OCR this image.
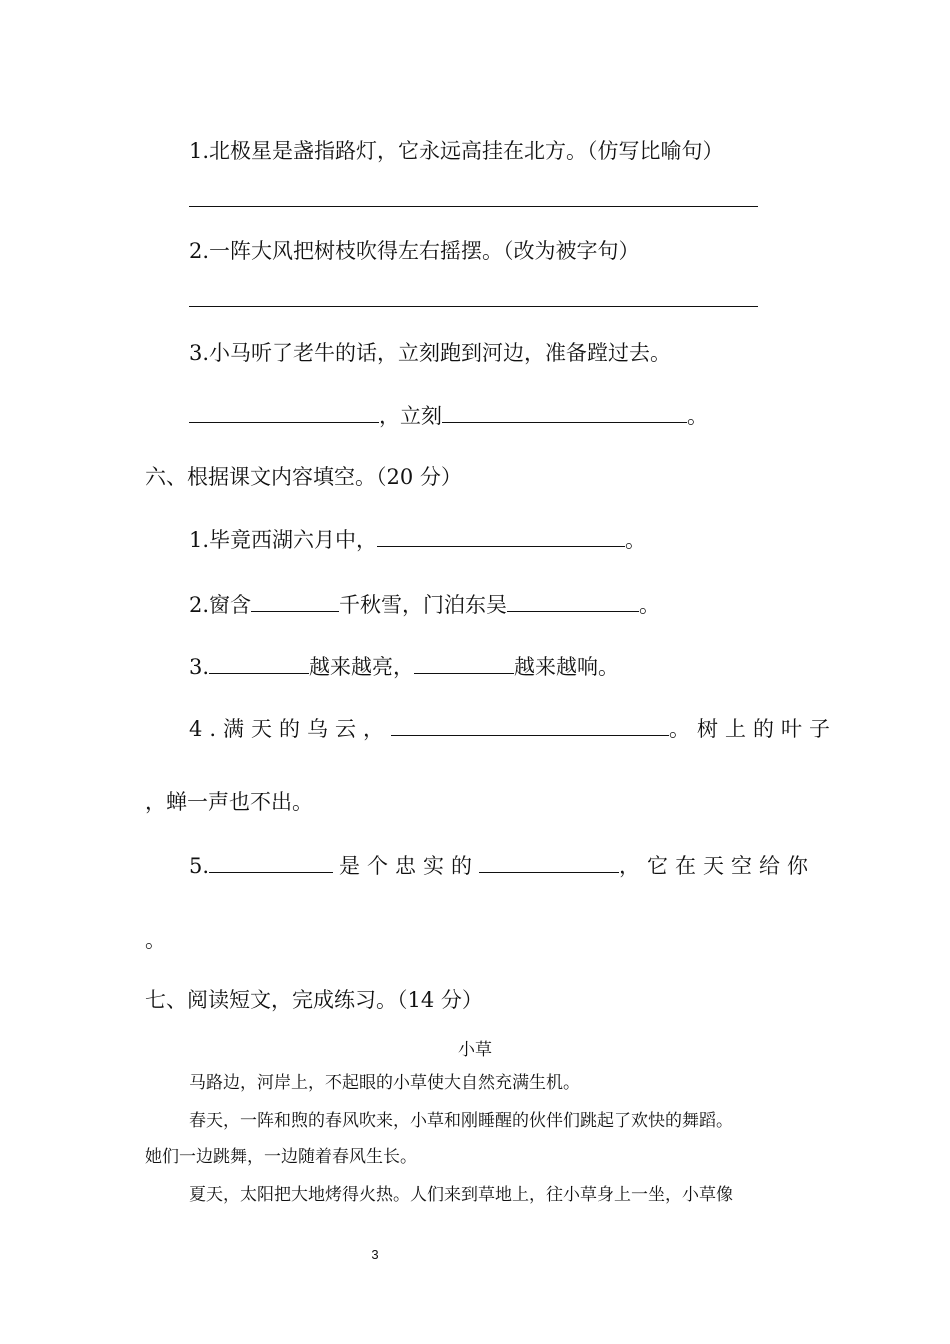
1.北极星是盏指路灯，它永远高挂在北方。（仿写比喻句）
2.一阵大风把树枝吹得左右摇摆。（改为被字句）
3.小马听了老牛的话，立刻跑到河边，准备蹚过去。
，立刻	。
六、根据课文内容填空。（20 分）
1.毕竟西湖六月中，	。
2.窗含	千秋雪，门泊东吴	。
3.	越来越亮，	越来越响。
4.满天的乌云，	。树上的叶子
，蝉一声也不出。
5.	是个忠实的	，它在天空给你
。
七、阅读短文，完成练习。（14 分）
小草
马路边，河岸上，不起眼的小草使大自然充满生机。
春天，一阵和煦的春风吹来，小草和刚睡醒的伙伴们跳起了欢快的舞蹈。
她们一边跳舞，一边随着春风生长。
夏天，太阳把大地烤得火热。人们来到草地上，往小草身上一坐，小草像
3
